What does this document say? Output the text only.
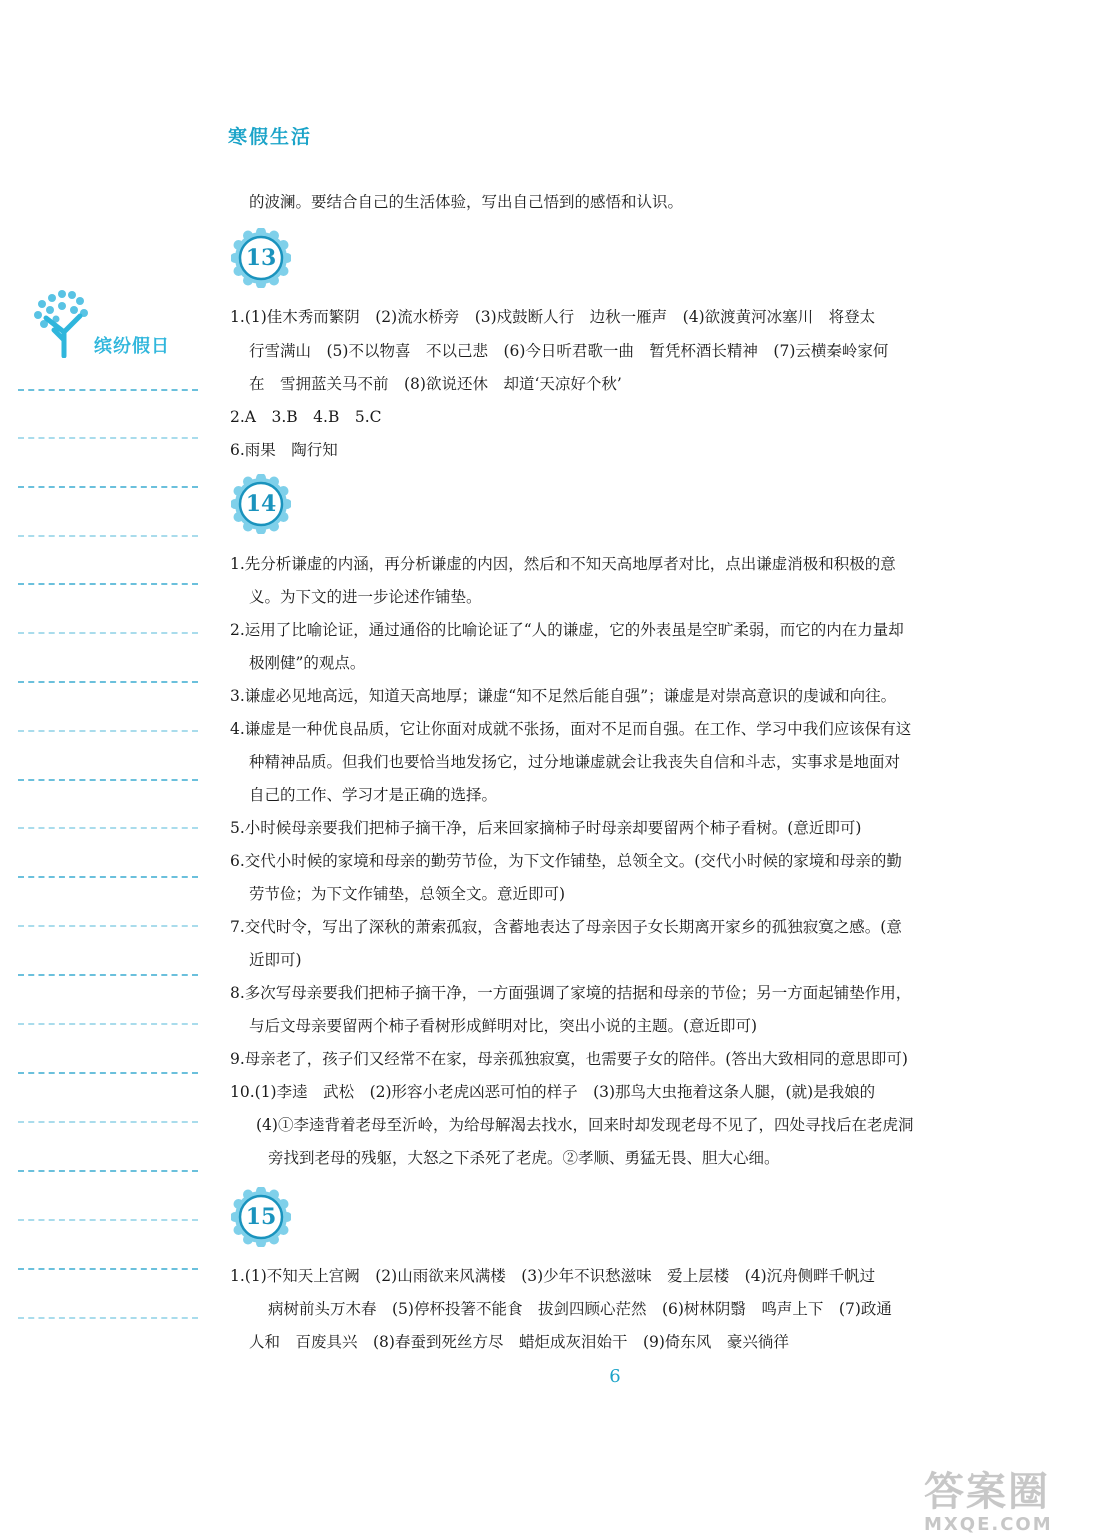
寒假生活
缤纷假日
的波澜。要结合自己的生活体验，写出自己悟到的感悟和认识。
13
1.(1)佳木秀而繁阴　(2)流水桥旁　(3)戍鼓断人行　边秋一雁声　(4)欲渡黄河冰塞川　将登太
行雪满山　(5)不以物喜　不以己悲　(6)今日听君歌一曲　暂凭杯酒长精神　(7)云横秦岭家何
在　雪拥蓝关马不前　(8)欲说还休　却道‘天凉好个秋’
2.A　3.B　4.B　5.C
6.雨果　陶行知
14
1.先分析谦虚的内涵，再分析谦虚的内因，然后和不知天高地厚者对比，点出谦虚消极和积极的意
义。为下文的进一步论述作铺垫。
2.运用了比喻论证，通过通俗的比喻论证了“人的谦虚，它的外表虽是空旷柔弱，而它的内在力量却
极刚健”的观点。
3.谦虚必见地高远，知道天高地厚；谦虚“知不足然后能自强”；谦虚是对崇高意识的虔诚和向往。
4.谦虚是一种优良品质，它让你面对成就不张扬，面对不足而自强。在工作、学习中我们应该保有这
种精神品质。但我们也要恰当地发扬它，过分地谦虚就会让我丧失自信和斗志，实事求是地面对
自己的工作、学习才是正确的选择。
5.小时候母亲要我们把柿子摘干净，后来回家摘柿子时母亲却要留两个柿子看树。(意近即可)
6.交代小时候的家境和母亲的勤劳节俭，为下文作铺垫，总领全文。(交代小时候的家境和母亲的勤
劳节俭；为下文作铺垫，总领全文。意近即可)
7.交代时令，写出了深秋的萧索孤寂，含蓄地表达了母亲因子女长期离开家乡的孤独寂寞之感。(意
近即可)
8.多次写母亲要我们把柿子摘干净，一方面强调了家境的拮据和母亲的节俭；另一方面起铺垫作用，
与后文母亲要留两个柿子看树形成鲜明对比，突出小说的主题。(意近即可)
9.母亲老了，孩子们又经常不在家，母亲孤独寂寞，也需要子女的陪伴。(答出大致相同的意思即可)
10.(1)李逵　武松　(2)形容小老虎凶恶可怕的样子　(3)那鸟大虫拖着这条人腿，(就)是我娘的
(4)①李逵背着老母至沂岭，为给母解渴去找水，回来时却发现老母不见了，四处寻找后在老虎洞
旁找到老母的残躯，大怒之下杀死了老虎。②孝顺、勇猛无畏、胆大心细。
15
1.(1)不知天上宫阙　(2)山雨欲来风满楼　(3)少年不识愁滋味　爱上层楼　(4)沉舟侧畔千帆过
病树前头万木春　(5)停杯投箸不能食　拔剑四顾心茫然　(6)树林阴翳　鸣声上下　(7)政通
人和　百废具兴　(8)春蚕到死丝方尽　蜡炬成灰泪始干　(9)倚东风　豪兴徜徉
6
答案圈
MXQE.COM
